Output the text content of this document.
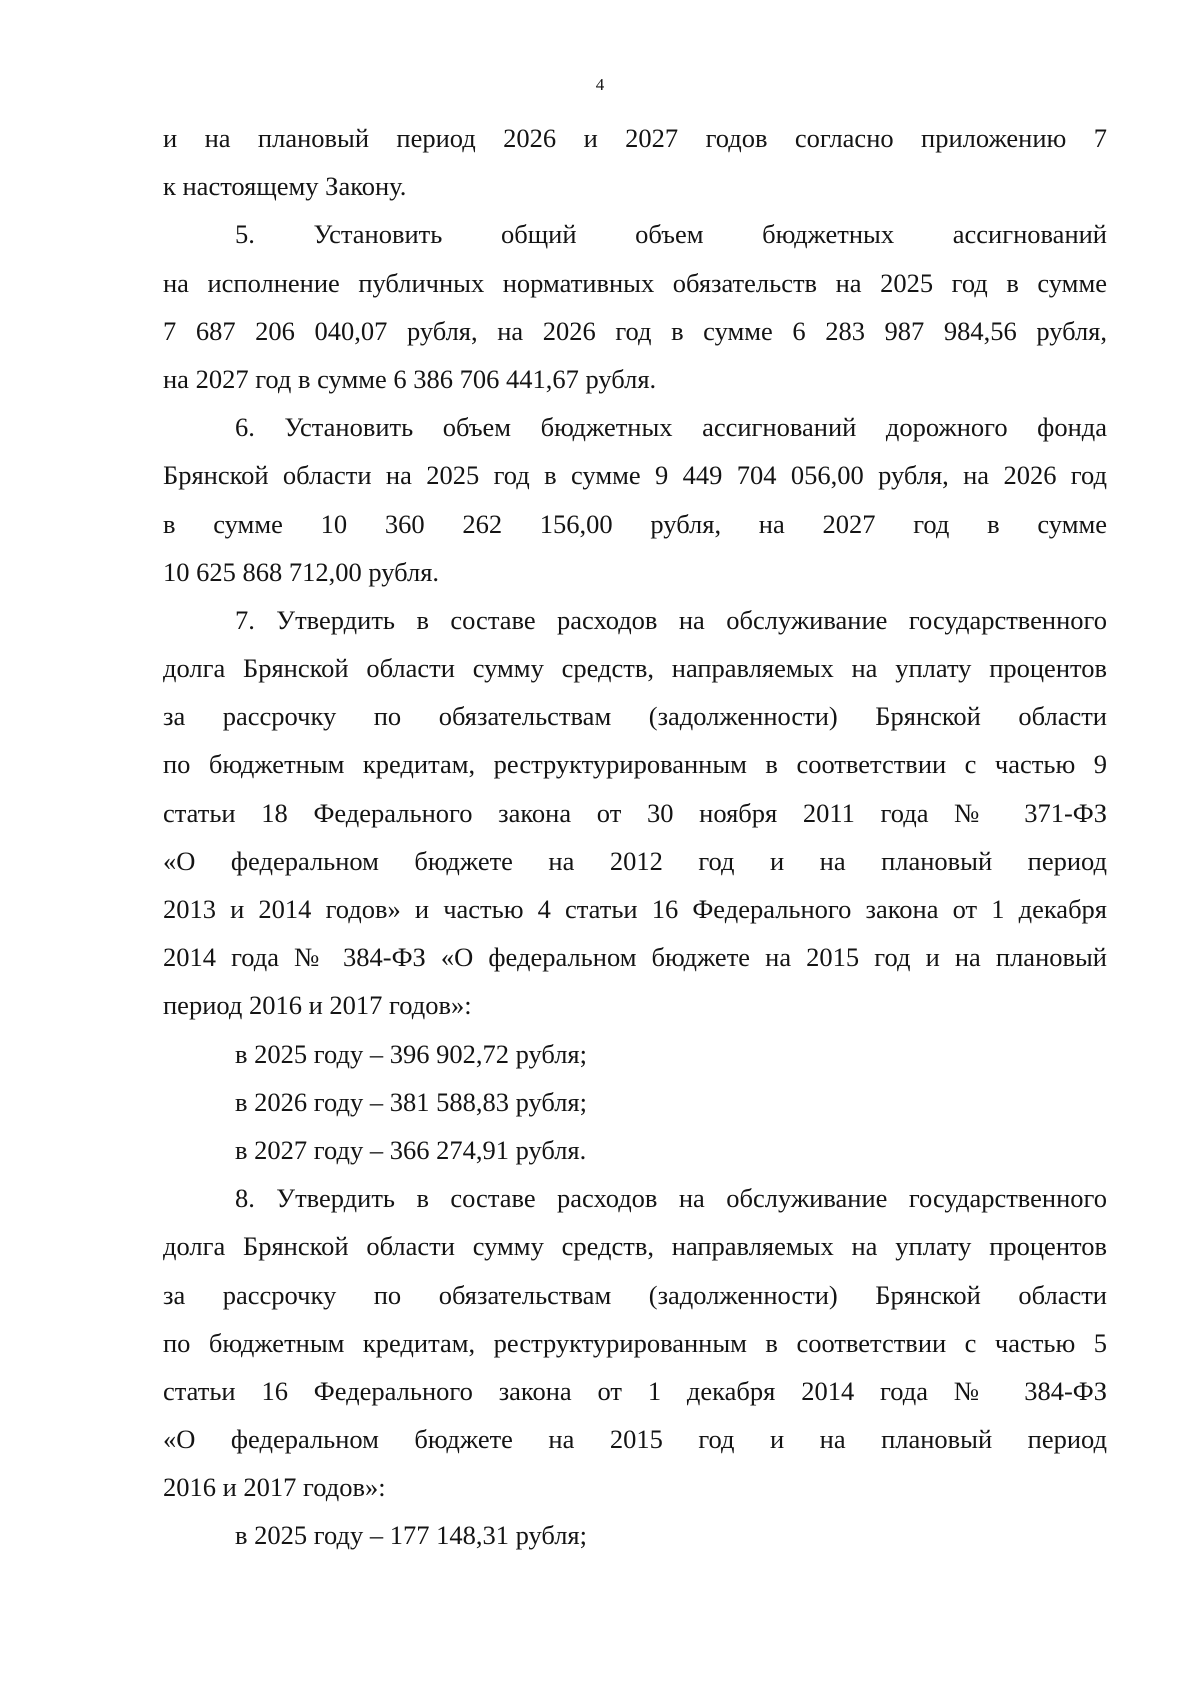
4
и на плановый период 2026 и 2027 годов согласно приложению 7
к настоящему Закону.
5. Установить общий объем бюджетных ассигнований
на исполнение публичных нормативных обязательств на 2025 год в сумме
7 687 206 040,07 рубля, на 2026 год в сумме 6 283 987 984,56 рубля,
на 2027 год в сумме 6 386 706 441,67 рубля.
6. Установить объем бюджетных ассигнований дорожного фонда
Брянской области на 2025 год в сумме 9 449 704 056,00 рубля, на 2026 год
в сумме 10 360 262 156,00 рубля, на 2027 год в сумме
10 625 868 712,00 рубля.
7. Утвердить в составе расходов на обслуживание государственного
долга Брянской области сумму средств, направляемых на уплату процентов
за рассрочку по обязательствам (задолженности) Брянской области
по бюджетным кредитам, реструктурированным в соответствии с частью 9
статьи 18 Федерального закона от 30 ноября 2011 года № 371-ФЗ
«О федеральном бюджете на 2012 год и на плановый период
2013 и 2014 годов» и частью 4 статьи 16 Федерального закона от 1 декабря
2014 года № 384-ФЗ «О федеральном бюджете на 2015 год и на плановый
период 2016 и 2017 годов»:
в 2025 году – 396 902,72 рубля;
в 2026 году – 381 588,83 рубля;
в 2027 году – 366 274,91 рубля.
8. Утвердить в составе расходов на обслуживание государственного
долга Брянской области сумму средств, направляемых на уплату процентов
за рассрочку по обязательствам (задолженности) Брянской области
по бюджетным кредитам, реструктурированным в соответствии с частью 5
статьи 16 Федерального закона от 1 декабря 2014 года № 384-ФЗ
«О федеральном бюджете на 2015 год и на плановый период
2016 и 2017 годов»:
в 2025 году – 177 148,31 рубля;
